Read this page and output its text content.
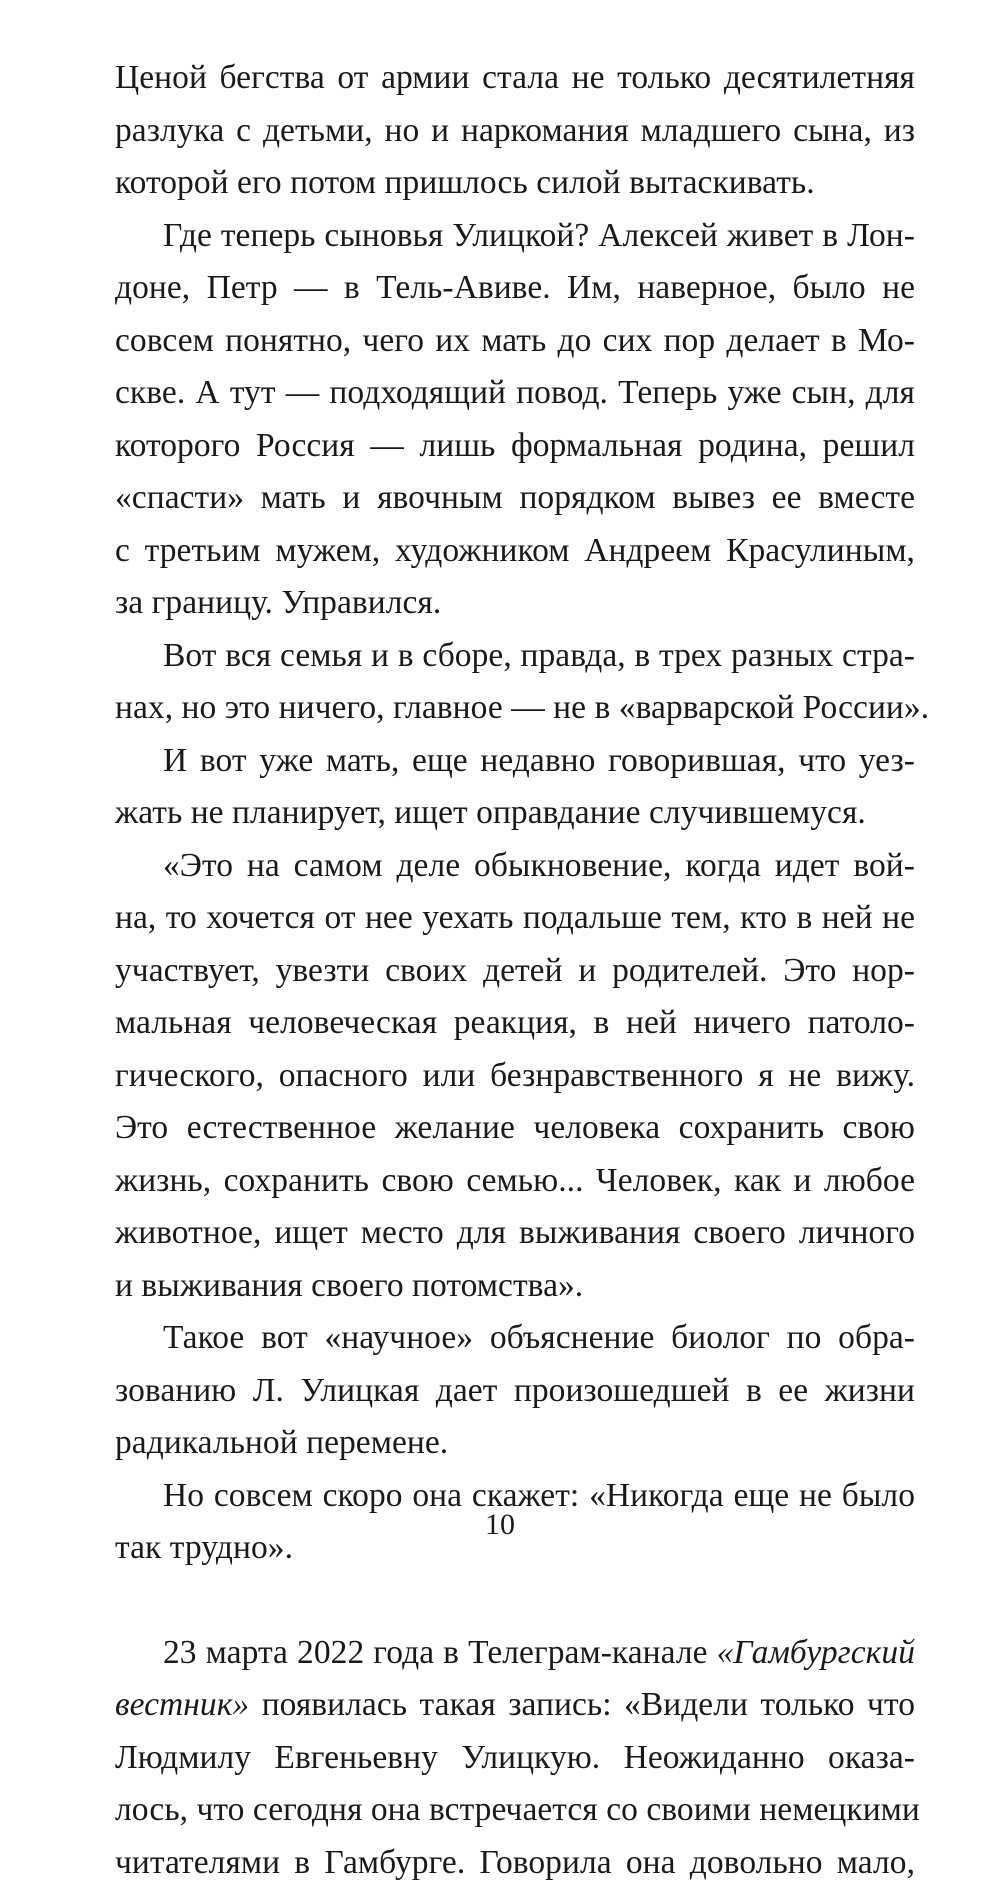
Ценой бегства от армии стала не только десятилетняя
разлука с детьми, но и наркомания младшего сына, из
которой его потом пришлось силой вытаскивать.
Где теперь сыновья Улицкой? Алексей живет в Лон-
доне, Петр — в Тель-Авиве. Им, наверное, было не
совсем понятно, чего их мать до сих пор делает в Мо-
скве. А тут — подходящий повод. Теперь уже сын, для
которого Россия — лишь формальная родина, решил
«спасти» мать и явочным порядком вывез ее вместе
с третьим мужем, художником Андреем Красулиным,
за границу. Управился.
Вот вся семья и в сборе, правда, в трех разных стра-
нах, но это ничего, главное — не в «варварской России».
И вот уже мать, еще недавно говорившая, что уез-
жать не планирует, ищет оправдание случившемуся.
«Это на самом деле обыкновение, когда идет вой-
на, то хочется от нее уехать подальше тем, кто в ней не
участвует, увезти своих детей и родителей. Это нор-
мальная человеческая реакция, в ней ничего патоло-
гического, опасного или безнравственного я не вижу.
Это естественное желание человека сохранить свою
жизнь, сохранить свою семью... Человек, как и любое
животное, ищет место для выживания своего личного
и выживания своего потомства».
Такое вот «научное» объяснение биолог по обра-
зованию Л. Улицкая дает произошедшей в ее жизни
радикальной перемене.
Но совсем скоро она скажет: «Никогда еще не было
так трудно».
23 марта 2022 года в Телеграм-канале «Гамбургский
вестник» появилась такая запись: «Видели только что
Людмилу Евгеньевну Улицкую. Неожиданно оказа-
лось, что сегодня она встречается со своими немецкими
читателями в Гамбурге. Говорила она довольно мало,
10
